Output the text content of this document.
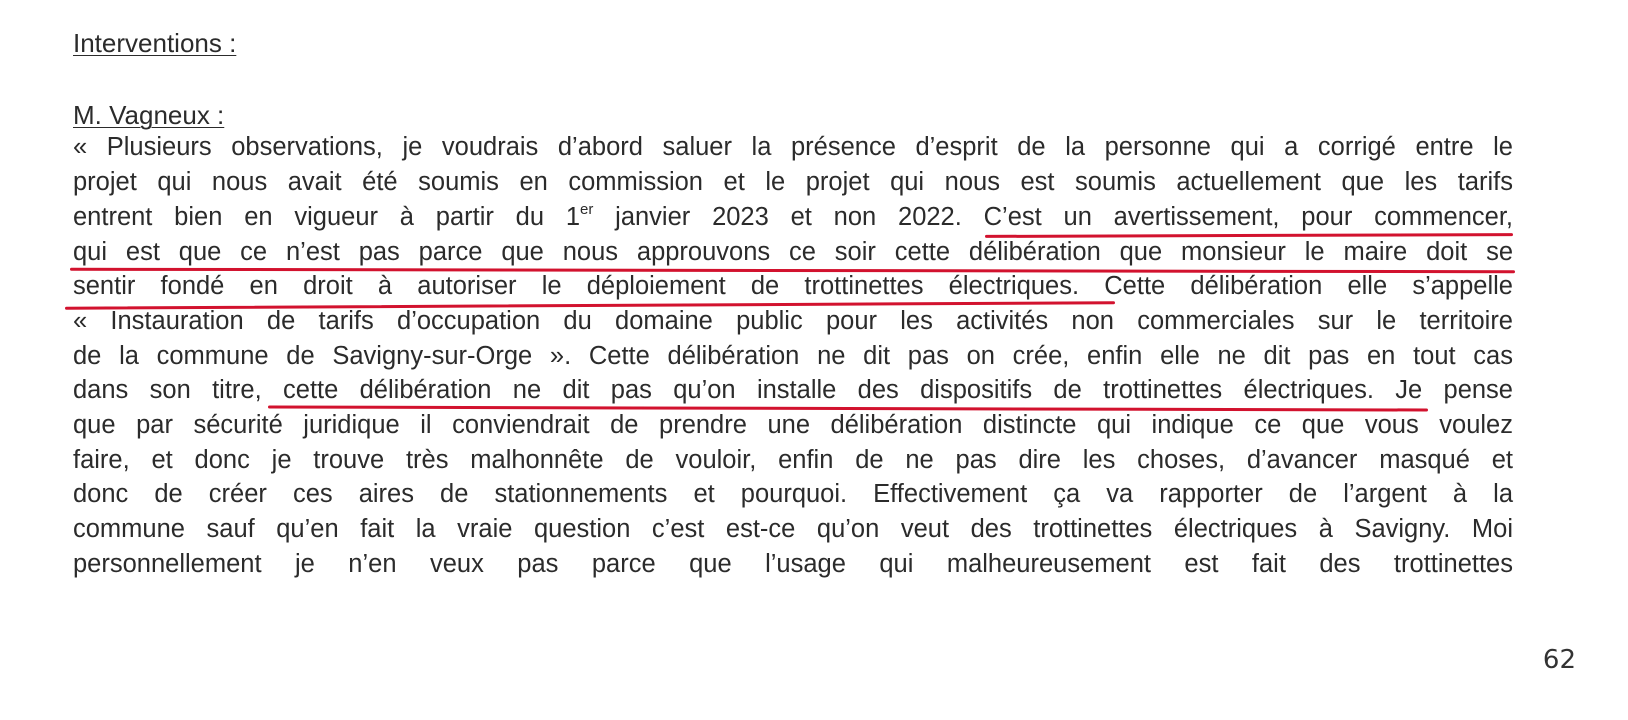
Interventions :
M. Vagneux :
« Plusieurs observations, je voudrais d’abord saluer la présence d’esprit de la personne qui a corrigé entre le
projet qui nous avait été soumis en commission et le projet qui nous est soumis actuellement que les tarifs
entrent bien en vigueur à partir du 1er janvier 2023 et non 2022. C’est un avertissement, pour commencer,
qui est que ce n’est pas parce que nous approuvons ce soir cette délibération que monsieur le maire doit se
sentir fondé en droit à autoriser le déploiement de trottinettes électriques. Cette délibération elle s’appelle
« Instauration de tarifs d’occupation du domaine public pour les activités non commerciales sur le territoire
de la commune de Savigny-sur-Orge ». Cette délibération ne dit pas on crée, enfin elle ne dit pas en tout cas
dans son titre, cette délibération ne dit pas qu’on installe des dispositifs de trottinettes électriques. Je pense
que par sécurité juridique il conviendrait de prendre une délibération distincte qui indique ce que vous voulez
faire, et donc je trouve très malhonnête de vouloir, enfin de ne pas dire les choses, d’avancer masqué et
donc de créer ces aires de stationnements et pourquoi. Effectivement ça va rapporter de l’argent à la
commune sauf qu’en fait la vraie question c’est est-ce qu’on veut des trottinettes électriques à Savigny. Moi
personnellement je n’en veux pas parce que l’usage qui malheureusement est fait des trottinettes
62
